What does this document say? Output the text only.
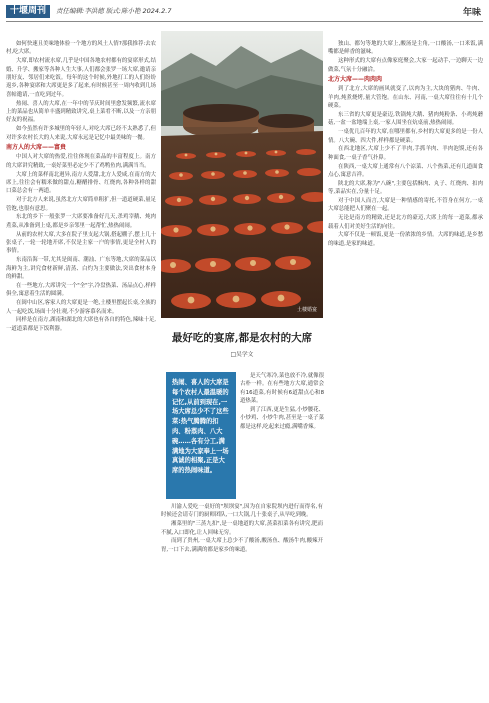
十堰周刊	责任编辑:李洪德 版式:陈小艳 2024.2.7	年味

如何快速且美味地体验一个地方的风土人情?那我推荐:去农村,吃大席。

大席,即农村流水席,几乎是中国各地农村都有的宴席形式,结婚、升学、搬家等各种人生大事,人们都会张罗一场大席,邀请亲朋好友、邻居们来吃饭。每年的这个时候,外地打工的人们纷纷返乡,各种宴席和大席更是多了起来,有时候甚至一周内收到几场喜帖邀请,一直吃到过年。

热闹、喜人的大席,在一年中的节庆时间里愈发频繁,流水席上的菜品也从简单丰盛到精致讲究,桌上菜肴不断,以及一方亲朋好友的祝福。

如今虽然有许多城里的年轻人,对吃大席已经不太熟悉了,但对许多农村长大的人来说,大席永远是记忆中最美味的一餐。

南方人的大席——富贵

中国人对大席的热爱,往往体现在菜品的丰富程度上。南方的大席讲究精致,一桌好菜里必定少不了鸡鸭鱼肉,满满当当。

大席上的菜样南北迥异,南方人爱甜,北方人爱咸,在南方的大席上,往往会有糯米做的甜点,糖醋排骨、红烧肉,各种各样的甜口菜总会有一两道。

对于北方人来说,虽然北方大席简单粗犷,但一道道硬菜,量足管饱,也很有意思。

东北的乡下一般张罗一大席要准备好几天,杀鸡宰鹅、炖肉煮菜,从准备到上桌,都是乡亲邻里一起帮忙,热热闹闹。

从前的农村大席,大多在院子里支起大锅,搭起棚子,摆上几十张桌子,一轮一轮地开席,不仅是主家一户的事情,更是全村人的事情。

东南沿海一带,尤其是闽南、潮汕、广东等地,大席的菜品以海鲜为主,讲究食材新鲜,清蒸、白灼为主要做法,突出食材本身的鲜甜。

在一些地方,大席讲究一个"全"字,冷盘热菜、汤品点心,样样俱全,寓意着生活的圆满。

在闽中山区,客家人的大席更是一绝,土楼里摆起长桌,全族的人一起吃饭,场面十分壮观,不少游客慕名而来。

同样是在南方,湖南和湖北的大席也有各自的特色,辣味十足,一道道菜都是下饭利器。

土楼婚宴
最好吃的宴席,都是农村的大席
□吴学文
热闹、喜人的大席是每个农村人最温暖的记忆,从前到现在,一场大席总少不了这些菜:热气腾腾的扣肉、粉蒸肉、八大碗……各有分工,满满地为大家奉上一场真诚的相聚,正是大席的热闹味道。

是天气寒冷,菜也放不冷,就像很古朴一样。在有些地方大席,通常会有16道菜,有时候有6道甜点心和8道热菜。

到了江西,更是生猛,小炒腰花、小炒鸡、小炒牛肉,甚至是一桌子菜都是这样,吃起来过瘾,满嘴香辣。

川渝人爱吃一桌好的"坝坝宴",因为在自家院坝内进行而得名,有时候还会请专门的厨师团队,一口大锅,几十张桌子,从早吃到晚。

湘菜里的"三蒸九扣",是一桌地道的大席,蒸菜扣菜各有讲究,肥而不腻,入口即化,让人回味无穷。

而到了贵州,一桌大席上总少不了酸汤,酸汤鱼、酸汤牛肉,酸辣开胃,一口下去,满满的都是家乡的味道。

独山、都匀等地的大席上,酸汤是主角,一口酸汤,一口米饭,满嘴都是鲜香的滋味。

这种形式的大席有点像家庭聚会,大家一起动手,一边聊天一边做菜,气氛十分融洽。

北方大席——肉肉肉

到了北方,大席的画风就变了,以肉为主,大块的猪肉、牛肉、羊肉,炖煮烧烤,量大管饱。在山东、河南,一桌大席往往有十几个硬菜。

东三省的大席更是豪迈,铁锅炖大鹅、猪肉炖粉条、小鸡炖蘑菇,一盆一盆地端上桌,一家人围坐在炕桌前,热热闹闹。

一桌优几百年的大席,在哪里都有,乡村的大席更多的是一份人情。八大碗、四大件,样样都是硬菜。

在西北地区,大席上少不了羊肉,手抓羊肉、羊肉泡馍,还有各种面食,一桌子香气扑鼻。

在陕西,一桌大席上通常有八个凉菜、八个热菜,还有几道面食点心,寓意吉祥。

陕北的大席,称为"八碗",主要包括酥肉、丸子、红烧肉、扣肉等,菜品实在,分量十足。

对于中国人而言,大席是一种情感的寄托,不管身在何方,一桌大席总能把人们聚在一起。

无论是南方的精致,还是北方的豪迈,大席上的每一道菜,都承载着人们对美好生活的向往。

大席不仅是一顿饭,更是一份浓浓的乡情。大席的味道,是乡愁的味道,是家的味道。
